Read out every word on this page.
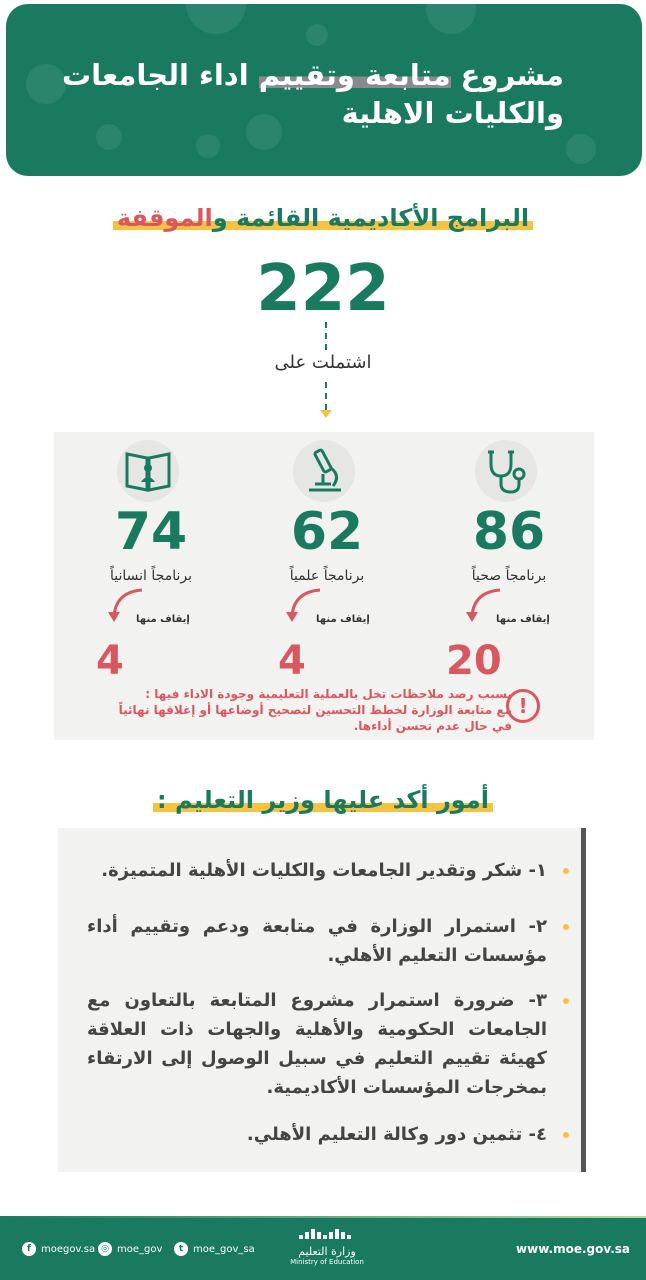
مشروع متابعة وتقييم اداء الجامعات
والكليات الاهلية
البرامج الأكاديمية القائمة والموقفة
222
اشتملت على
86
برنامجاً صحياً
إيقاف منها
20
62
برنامجاً علمياً
إيقاف منها
4
74
برنامجاً انسانياً
إيقاف منها
4
!
بسبب رصد ملاحظات تخل بالعملية التعليمية وجودة الاداء فيها :
مع متابعة الوزارة لخطط التحسين لتصحيح أوضاعها أو إغلاقها نهائياً
في حال عدم تحسن أداءها.
أمور أكد عليها وزير التعليم :
١- شكر وتقدير الجامعات والكليات الأهلية المتميزة.
٢- استمرار الوزارة في متابعة ودعم وتقييم أداء مؤسسات التعليم الأهلي.
٣- ضرورة استمرار مشروع المتابعة بالتعاون مع الجامعات الحكومية والأهلية والجهات ذات العلاقة كهيئة تقييم التعليم في سبيل الوصول إلى الارتقاء بمخرجات المؤسسات الأكاديمية.
٤- تثمين دور وكالة التعليم الأهلي.
f	moegov.sa ◎ moe_gov	t moe_gov_sa	وزارة التعليم
Ministry of Education
www.moe.gov.sa
